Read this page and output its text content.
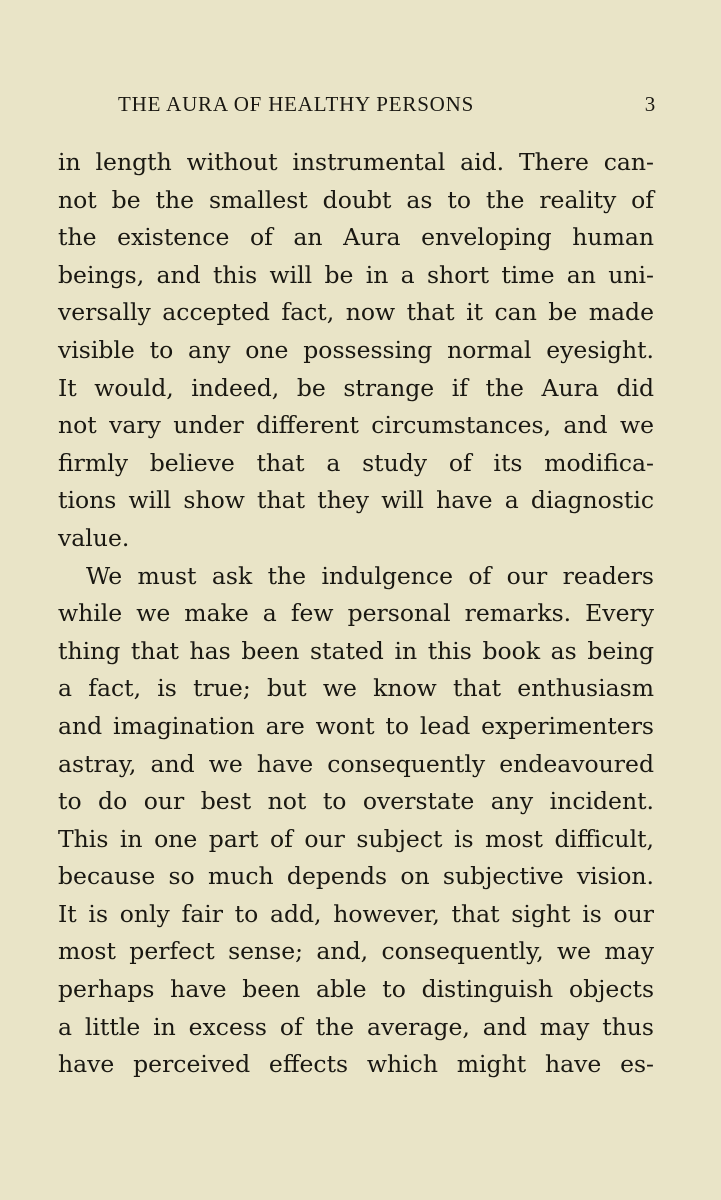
THE AURA OF HEALTHY PERSONS	3
in length without instrumental aid. There can-
not be the smallest doubt as to the reality of
the existence of an Aura enveloping human
beings, and this will be in a short time an uni-
versally accepted fact, now that it can be made
visible to any one possessing normal eyesight.
It would, indeed, be strange if the Aura did
not vary under different circumstances, and we
firmly believe that a study of its modifica-
tions will show that they will have a diagnostic
value.
We must ask the indulgence of our readers
while we make a few personal remarks. Every
thing that has been stated in this book as being
a fact, is true; but we know that enthusiasm
and imagination are wont to lead experimenters
astray, and we have consequently endeavoured
to do our best not to overstate any incident.
This in one part of our subject is most difficult,
because so much depends on subjective vision.
It is only fair to add, however, that sight is our
most perfect sense; and, consequently, we may
perhaps have been able to distinguish objects
a little in excess of the average, and may thus
have perceived effects which might have es-
